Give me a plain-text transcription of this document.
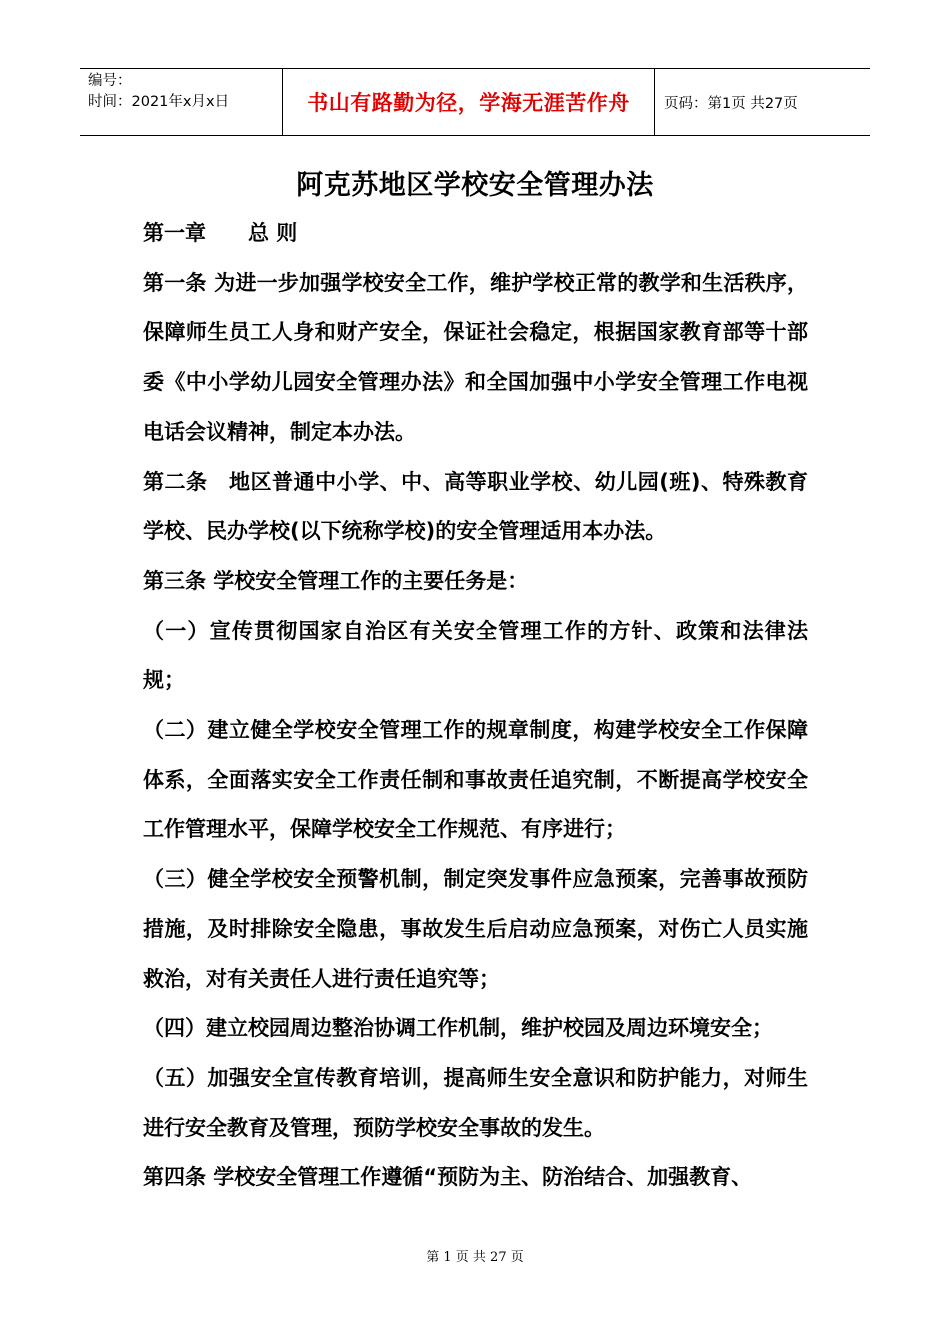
编号：
时间：2021年x月x日	书山有路勤为径，学海无涯苦作舟 页码：第1页 共27页
阿克苏地区学校安全管理办法

第一章　　总 则

第一条 为进一步加强学校安全工作，维护学校正常的教学和生活秩序，保障师生员工人身和财产安全，保证社会稳定，根据国家教育部等十部委《中小学幼儿园安全管理办法》和全国加强中小学安全管理工作电视电话会议精神，制定本办法。

第二条　地区普通中小学、中、高等职业学校、幼儿园(班)、特殊教育学校、民办学校(以下统称学校)的安全管理适用本办法。

第三条 学校安全管理工作的主要任务是：

（一）宣传贯彻国家自治区有关安全管理工作的方针、政策和法律法规；

（二）建立健全学校安全管理工作的规章制度，构建学校安全工作保障体系，全面落实安全工作责任制和事故责任追究制，不断提高学校安全工作管理水平，保障学校安全工作规范、有序进行；

（三）健全学校安全预警机制，制定突发事件应急预案，完善事故预防措施，及时排除安全隐患，事故发生后启动应急预案，对伤亡人员实施救治，对有关责任人进行责任追究等；

（四）建立校园周边整治协调工作机制，维护校园及周边环境安全；

（五）加强安全宣传教育培训，提高师生安全意识和防护能力，对师生进行安全教育及管理，预防学校安全事故的发生。

第四条 学校安全管理工作遵循“预防为主、防治结合、加强教育、

第 1 页 共 27 页
